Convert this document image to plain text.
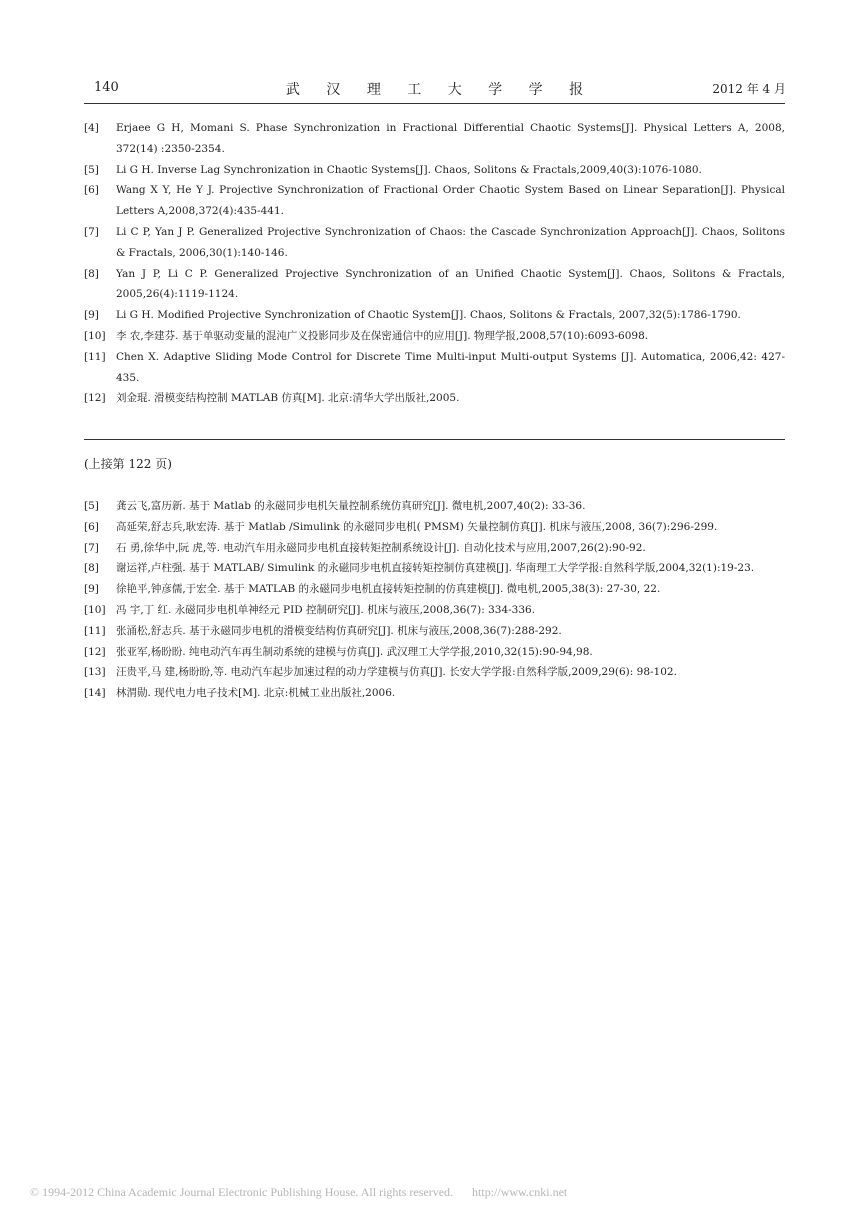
140	武 汉 理 工 大 学 学 报	2012 年 4 月
[4]	Erjaee G H, Momani S. Phase Synchronization in Fractional Differential Chaotic Systems[J]. Physical Letters A, 2008, 372(14) :2350-2354.
[5]	Li G H. Inverse Lag Synchronization in Chaotic Systems[J]. Chaos, Solitons & Fractals,2009,40(3):1076-1080.
[6]	Wang X Y, He Y J. Projective Synchronization of Fractional Order Chaotic System Based on Linear Separation[J]. Physical Letters A,2008,372(4):435-441.
[7]	Li C P, Yan J P. Generalized Projective Synchronization of Chaos: the Cascade Synchronization Approach[J]. Chaos, Solitons & Fractals, 2006,30(1):140-146.
[8]	Yan J P, Li C P. Generalized Projective Synchronization of an Unified Chaotic System[J]. Chaos, Solitons & Fractals, 2005,26(4):1119-1124.
[9]	Li G H. Modified Projective Synchronization of Chaotic System[J]. Chaos, Solitons & Fractals, 2007,32(5):1786-1790.
[10] 李 农,李建芬. 基于单驱动变量的混沌广义投影同步及在保密通信中的应用[J]. 物理学报,2008,57(10):6093-6098.
[11] Chen X. Adaptive Sliding Mode Control for Discrete Time Multi-input Multi-output Systems [J]. Automatica, 2006,42: 427-435.
[12] 刘金琨. 滑模变结构控制 MATLAB 仿真[M]. 北京:清华大学出版社,2005.
(上接第 122 页)
[5]	龚云飞,富历新. 基于 Matlab 的永磁同步电机矢量控制系统仿真研究[J]. 微电机,2007,40(2): 33-36.
[6]	高延荣,舒志兵,耿宏涛. 基于 Matlab /Simulink 的永磁同步电机( PMSM) 矢量控制仿真[J]. 机床与液压,2008, 36(7):296-299.
[7]	石 勇,徐华中,阮 虎,等. 电动汽车用永磁同步电机直接转矩控制系统设计[J]. 自动化技术与应用,2007,26(2):90-92.
[8]	谢运祥,卢柱强. 基于 MATLAB/ Simulink 的永磁同步电机直接转矩控制仿真建模[J]. 华南理工大学学报:自然科学版,2004,32(1):19-23.
[9]	徐艳平,钟彦儒,于宏全. 基于 MATLAB 的永磁同步电机直接转矩控制的仿真建模[J]. 微电机,2005,38(3): 27-30, 22.
[10] 冯 宇,丁 红. 永磁同步电机单神经元 PID 控制研究[J]. 机床与液压,2008,36(7): 334-336.
[11] 张涌松,舒志兵. 基于永磁同步电机的滑模变结构仿真研究[J]. 机床与液压,2008,36(7):288-292.
[12] 张亚军,杨盼盼. 纯电动汽车再生制动系统的建模与仿真[J]. 武汉理工大学学报,2010,32(15):90-94,98.
[13] 汪贵平,马 建,杨盼盼,等. 电动汽车起步加速过程的动力学建模与仿真[J]. 长安大学学报:自然科学版,2009,29(6): 98-102.
[14] 林渭勋. 现代电力电子技术[M]. 北京:机械工业出版社,2006.
© 1994-2012 China Academic Journal Electronic Publishing House. All rights reserved. http://www.cnki.net
